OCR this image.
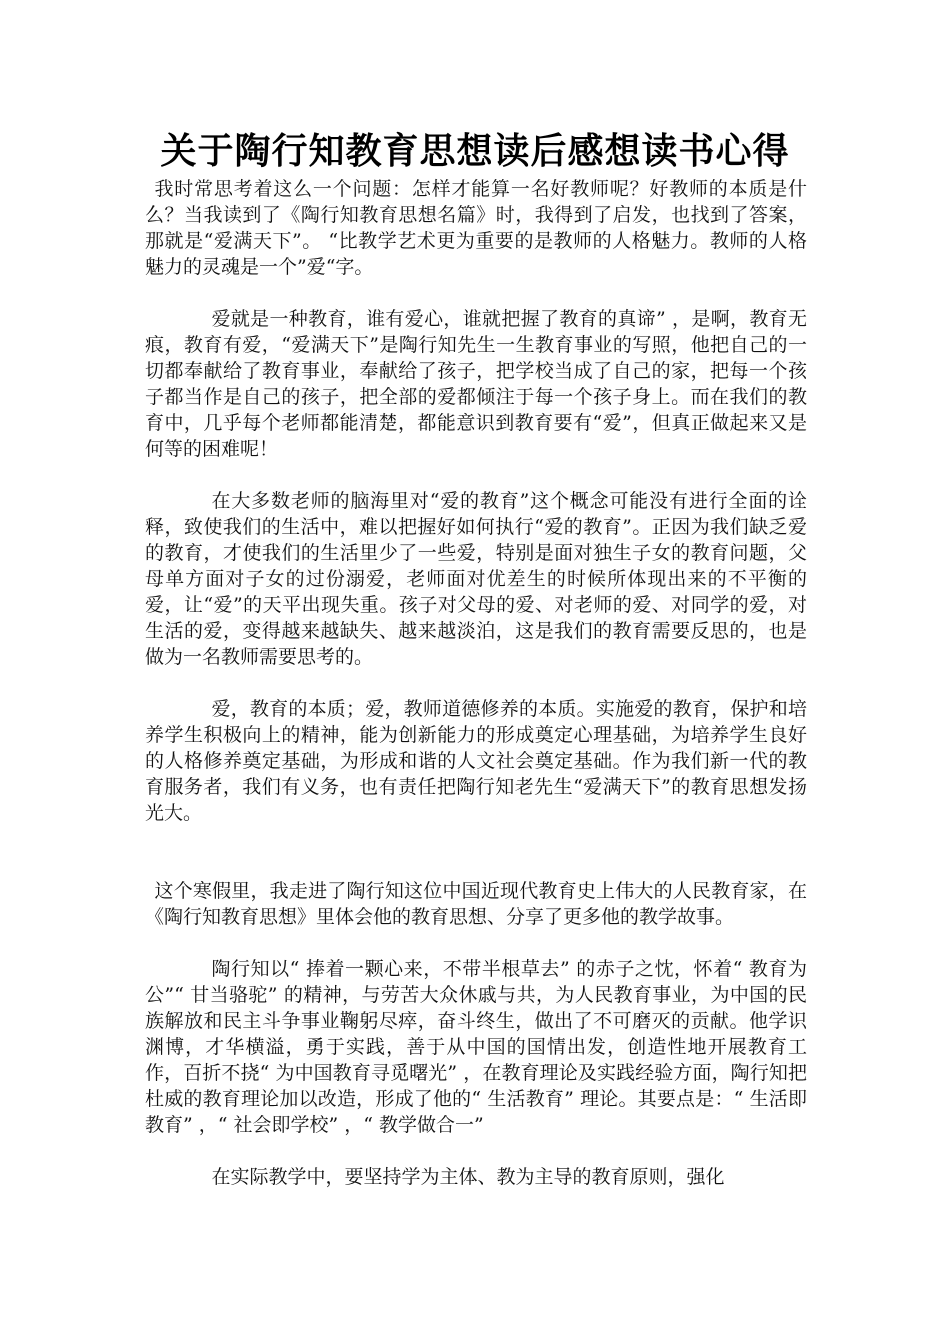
关于陶行知教育思想读后感想读书心得

我时常思考着这么一个问题：怎样才能算一名好教师呢？好教师的本质是什么？当我读到了《陶行知教育思想名篇》时，我得到了启发，也找到了答案，那就是“爱满天下”。 “比教学艺术更为重要的是教师的人格魅力。教师的人格魅力的灵魂是一个”爱“字。

爱就是一种教育，谁有爱心，谁就把握了教育的真谛” ，是啊，教育无痕，教育有爱，“爱满天下”是陶行知先生一生教育事业的写照，他把自己的一切都奉献给了教育事业，奉献给了孩子，把学校当成了自己的家，把每一个孩子都当作是自己的孩子，把全部的爱都倾注于每一个孩子身上。而在我们的教育中，几乎每个老师都能清楚，都能意识到教育要有“爱”，但真正做起来又是何等的困难呢！

在大多数老师的脑海里对“爱的教育”这个概念可能没有进行全面的诠释，致使我们的生活中，难以把握好如何执行“爱的教育”。正因为我们缺乏爱的教育，才使我们的生活里少了一些爱，特别是面对独生子女的教育问题，父母单方面对子女的过份溺爱，老师面对优差生的时候所体现出来的不平衡的爱，让“爱”的天平出现失重。孩子对父母的爱、对老师的爱、对同学的爱，对生活的爱，变得越来越缺失、越来越淡泊，这是我们的教育需要反思的，也是做为一名教师需要思考的。

爱，教育的本质；爱，教师道德修养的本质。实施爱的教育，保护和培养学生积极向上的精神，能为创新能力的形成奠定心理基础，为培养学生良好的人格修养奠定基础，为形成和谐的人文社会奠定基础。作为我们新一代的教育服务者，我们有义务，也有责任把陶行知老先生“爱满天下”的教育思想发扬光大。

这个寒假里，我走进了陶行知这位中国近现代教育史上伟大的人民教育家，在《陶行知教育思想》里体会他的教育思想、分享了更多他的教学故事。

陶行知以“ 捧着一颗心来，不带半根草去” 的赤子之忱，怀着“ 教育为公”“ 甘当骆驼” 的精神，与劳苦大众休戚与共，为人民教育事业，为中国的民族解放和民主斗争事业鞠躬尽瘁，奋斗终生，做出了不可磨灭的贡献。他学识渊博，才华横溢，勇于实践，善于从中国的国情出发，创造性地开展教育工作，百折不挠“ 为中国教育寻觅曙光” ，在教育理论及实践经验方面，陶行知把杜威的教育理论加以改造，形成了他的“ 生活教育” 理论。其要点是：“ 生活即教育” ，“ 社会即学校” ，“ 教学做合一”

在实际教学中，要坚持学为主体、教为主导的教育原则，强化
